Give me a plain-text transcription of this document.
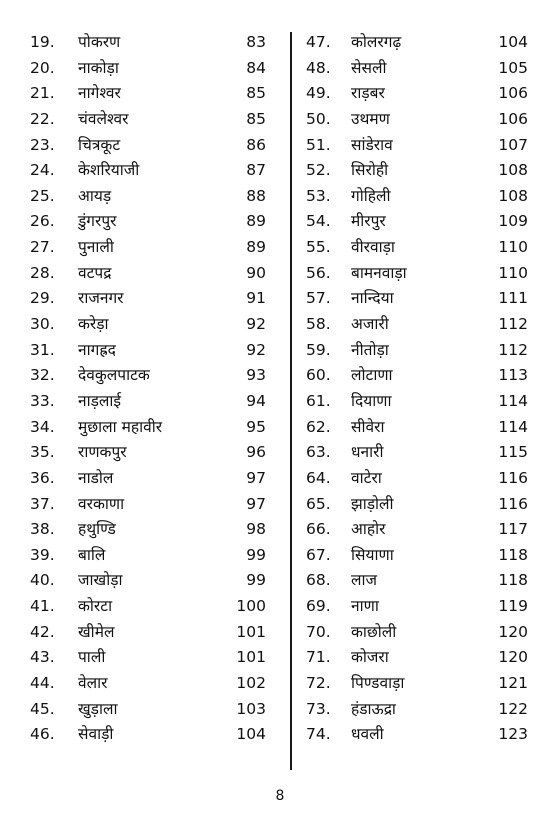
19. पोकरण	83
20. नाकोड़ा	84
21. नागेश्वर	85
22. चंवलेश्वर	85
23. चित्रकूट	86
24. केशरियाजी	87
25. आयड़	88
26. डुंगरपुर	89
27. पुनाली	89
28. वटपद्र	90
29. राजनगर	91
30. करेड़ा	92
31. नागह्रद	92
32. देवकुलपाटक	93
33. नाड़लाई	94
34. मुछाला महावीर	95
35. राणकपुर	96
36. नाडोल	97
37. वरकाणा	97
38. हथुण्डि	98
39. बालि	99
40. जाखोड़ा	99
41. कोरटा	100
42. खीमेल	101
43. पाली	101
44. वेलार	102
45. खुड़ाला	103
46. सेवाड़ी	104
47. कोलरगढ़	104
48. सेसली	105
49. राड़बर	106
50. उथमण	106
51. सांडेराव	107
52. सिरोही	108
53. गोहिली	108
54. मीरपुर	109
55. वीरवाड़ा	110
56. बामनवाड़ा	110
57. नान्दिया	111
58. अजारी	112
59. नीतोड़ा	112
60. लोटाणा	113
61. दियाणा	114
62. सीवेरा	114
63. धनारी	115
64. वाटेरा	116
65. झाड़ोली	116
66. आहोर	117
67. सियाणा	118
68. लाज	118
69. नाणा	119
70. काछोली	120
71. कोजरा	120
72. पिण्डवाड़ा	121
73. हंडाऊद्रा	122
74. धवली	123
8
